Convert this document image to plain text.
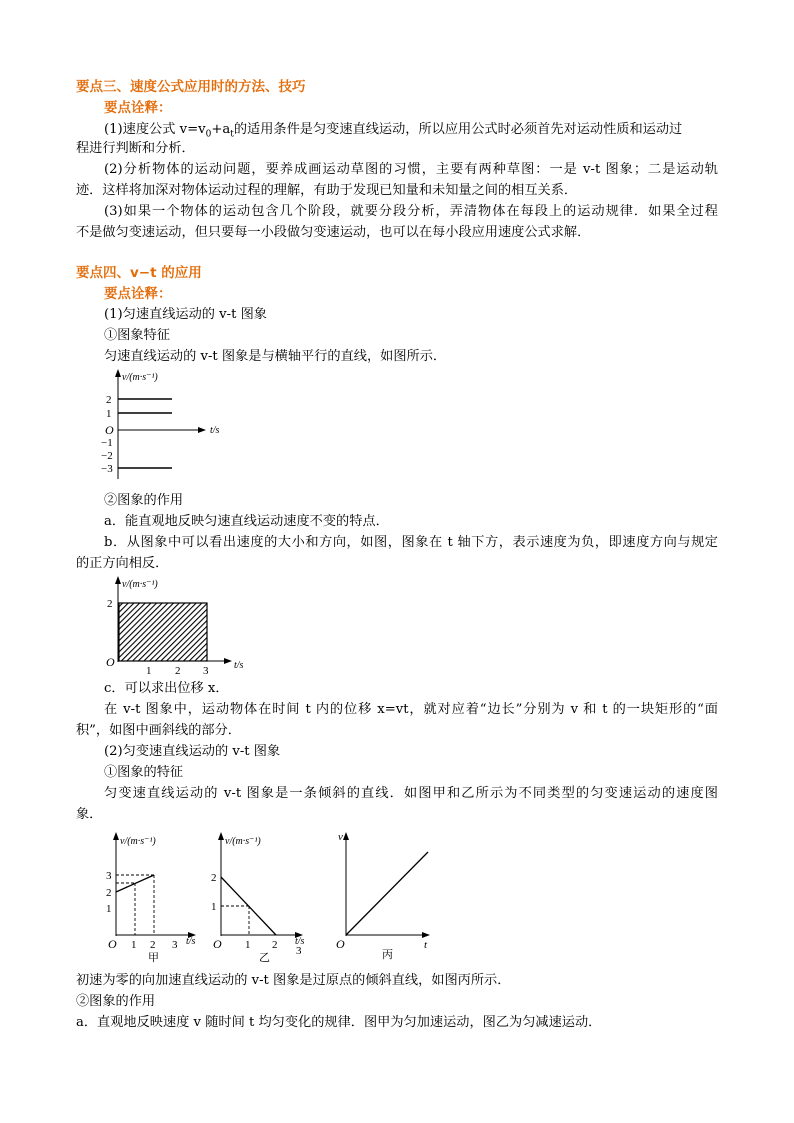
要点三、速度公式应用时的方法、技巧
要点诠释：
(1)速度公式 $v=v_0+a_t$的适用条件是匀变速直线运动，所以应用公式时必须首先对运动性质和运动过
程进行判断和分析．
(2)分析物体的运动问题，要养成画运动草图的习惯，主要有两种草图：一是 v-t 图象；二是运动轨
迹．这样将加深对物体运动过程的理解，有助于发现已知量和未知量之间的相互关系．
(3)如果一个物体的运动包含几个阶段，就要分段分析，弄清物体在每段上的运动规律．如果全过程
不是做匀变速运动，但只要每一小段做匀变速运动，也可以在每小段应用速度公式求解．
要点四、v−t 的应用
要点诠释：
(1)匀速直线运动的 v-t 图象
①图象特征
匀速直线运动的 v-t 图象是与横轴平行的直线，如图所示．
v/(m·s⁻¹)
t/s
O
2
1
−1
−2
−3
②图象的作用
a．能直观地反映匀速直线运动速度不变的特点．
b．从图象中可以看出速度的大小和方向，如图，图象在 t 轴下方，表示速度为负，即速度方向与规定
的正方向相反．
v/(m·s⁻¹)
t/s
O
2
1 2 3
c．可以求出位移 x．
在 v-t 图象中，运动物体在时间 t 内的位移 x=vt，就对应着“边长”分别为 v 和 t 的一块矩形的“面
积”，如图中画斜线的部分．
(2)匀变速直线运动的 v-t 图象
①图象的特征
匀变速直线运动的 v-t 图象是一条倾斜的直线．如图甲和乙所示为不同类型的匀变速运动的速度图
象．
v/(m·s⁻¹)
t/s
O
3
2
1
1 2 3
甲
v/(m·s⁻¹)
t/s
O
2
1
1 2 3
乙
v
t
O
丙
初速为零的向加速直线运动的 v-t 图象是过原点的倾斜直线，如图丙所示．
②图象的作用
a．直观地反映速度 v 随时间 t 均匀变化的规律．图甲为匀加速运动，图乙为匀减速运动．
